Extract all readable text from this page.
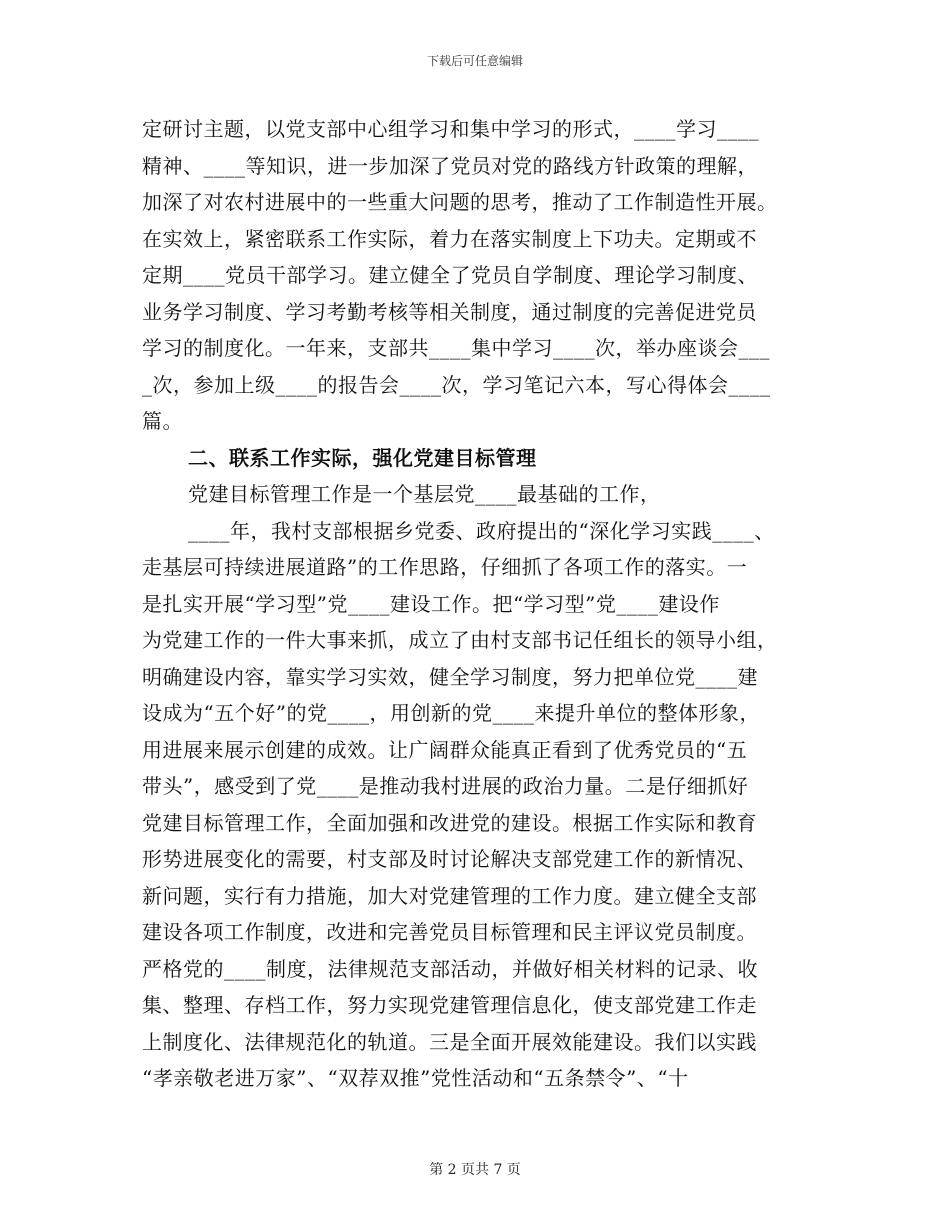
下载后可任意编辑
定研讨主题，以党支部中心组学习和集中学习的形式，____学习____
精神、____等知识，进一步加深了党员对党的路线方针政策的理解，
加深了对农村进展中的一些重大问题的思考，推动了工作制造性开展。
在实效上，紧密联系工作实际，着力在落实制度上下功夫。定期或不
定期____党员干部学习。建立健全了党员自学制度、理论学习制度、
业务学习制度、学习考勤考核等相关制度，通过制度的完善促进党员
学习的制度化。一年来，支部共____集中学习____次，举办座谈会___
_次，参加上级____的报告会____次，学习笔记六本，写心得体会____
篇。
二、联系工作实际，强化党建目标管理
党建目标管理工作是一个基层党____最基础的工作，
____年，我村支部根据乡党委、政府提出的“深化学习实践____、
走基层可持续进展道路”的工作思路，仔细抓了各项工作的落实。一
是扎实开展“学习型”党____建设工作。把“学习型”党____建设作
为党建工作的一件大事来抓，成立了由村支部书记任组长的领导小组，
明确建设内容，靠实学习实效，健全学习制度，努力把单位党____建
设成为“五个好”的党____，用创新的党____来提升单位的整体形象，
用进展来展示创建的成效。让广阔群众能真正看到了优秀党员的“五
带头”，感受到了党____是推动我村进展的政治力量。二是仔细抓好
党建目标管理工作，全面加强和改进党的建设。根据工作实际和教育
形势进展变化的需要，村支部及时讨论解决支部党建工作的新情况、
新问题，实行有力措施，加大对党建管理的工作力度。建立健全支部
建设各项工作制度，改进和完善党员目标管理和民主评议党员制度。
严格党的____制度，法律规范支部活动，并做好相关材料的记录、收
集、整理、存档工作，努力实现党建管理信息化，使支部党建工作走
上制度化、法律规范化的轨道。三是全面开展效能建设。我们以实践
“孝亲敬老进万家”、“双荐双推”党性活动和“五条禁令”、“十
第 2 页共 7 页
